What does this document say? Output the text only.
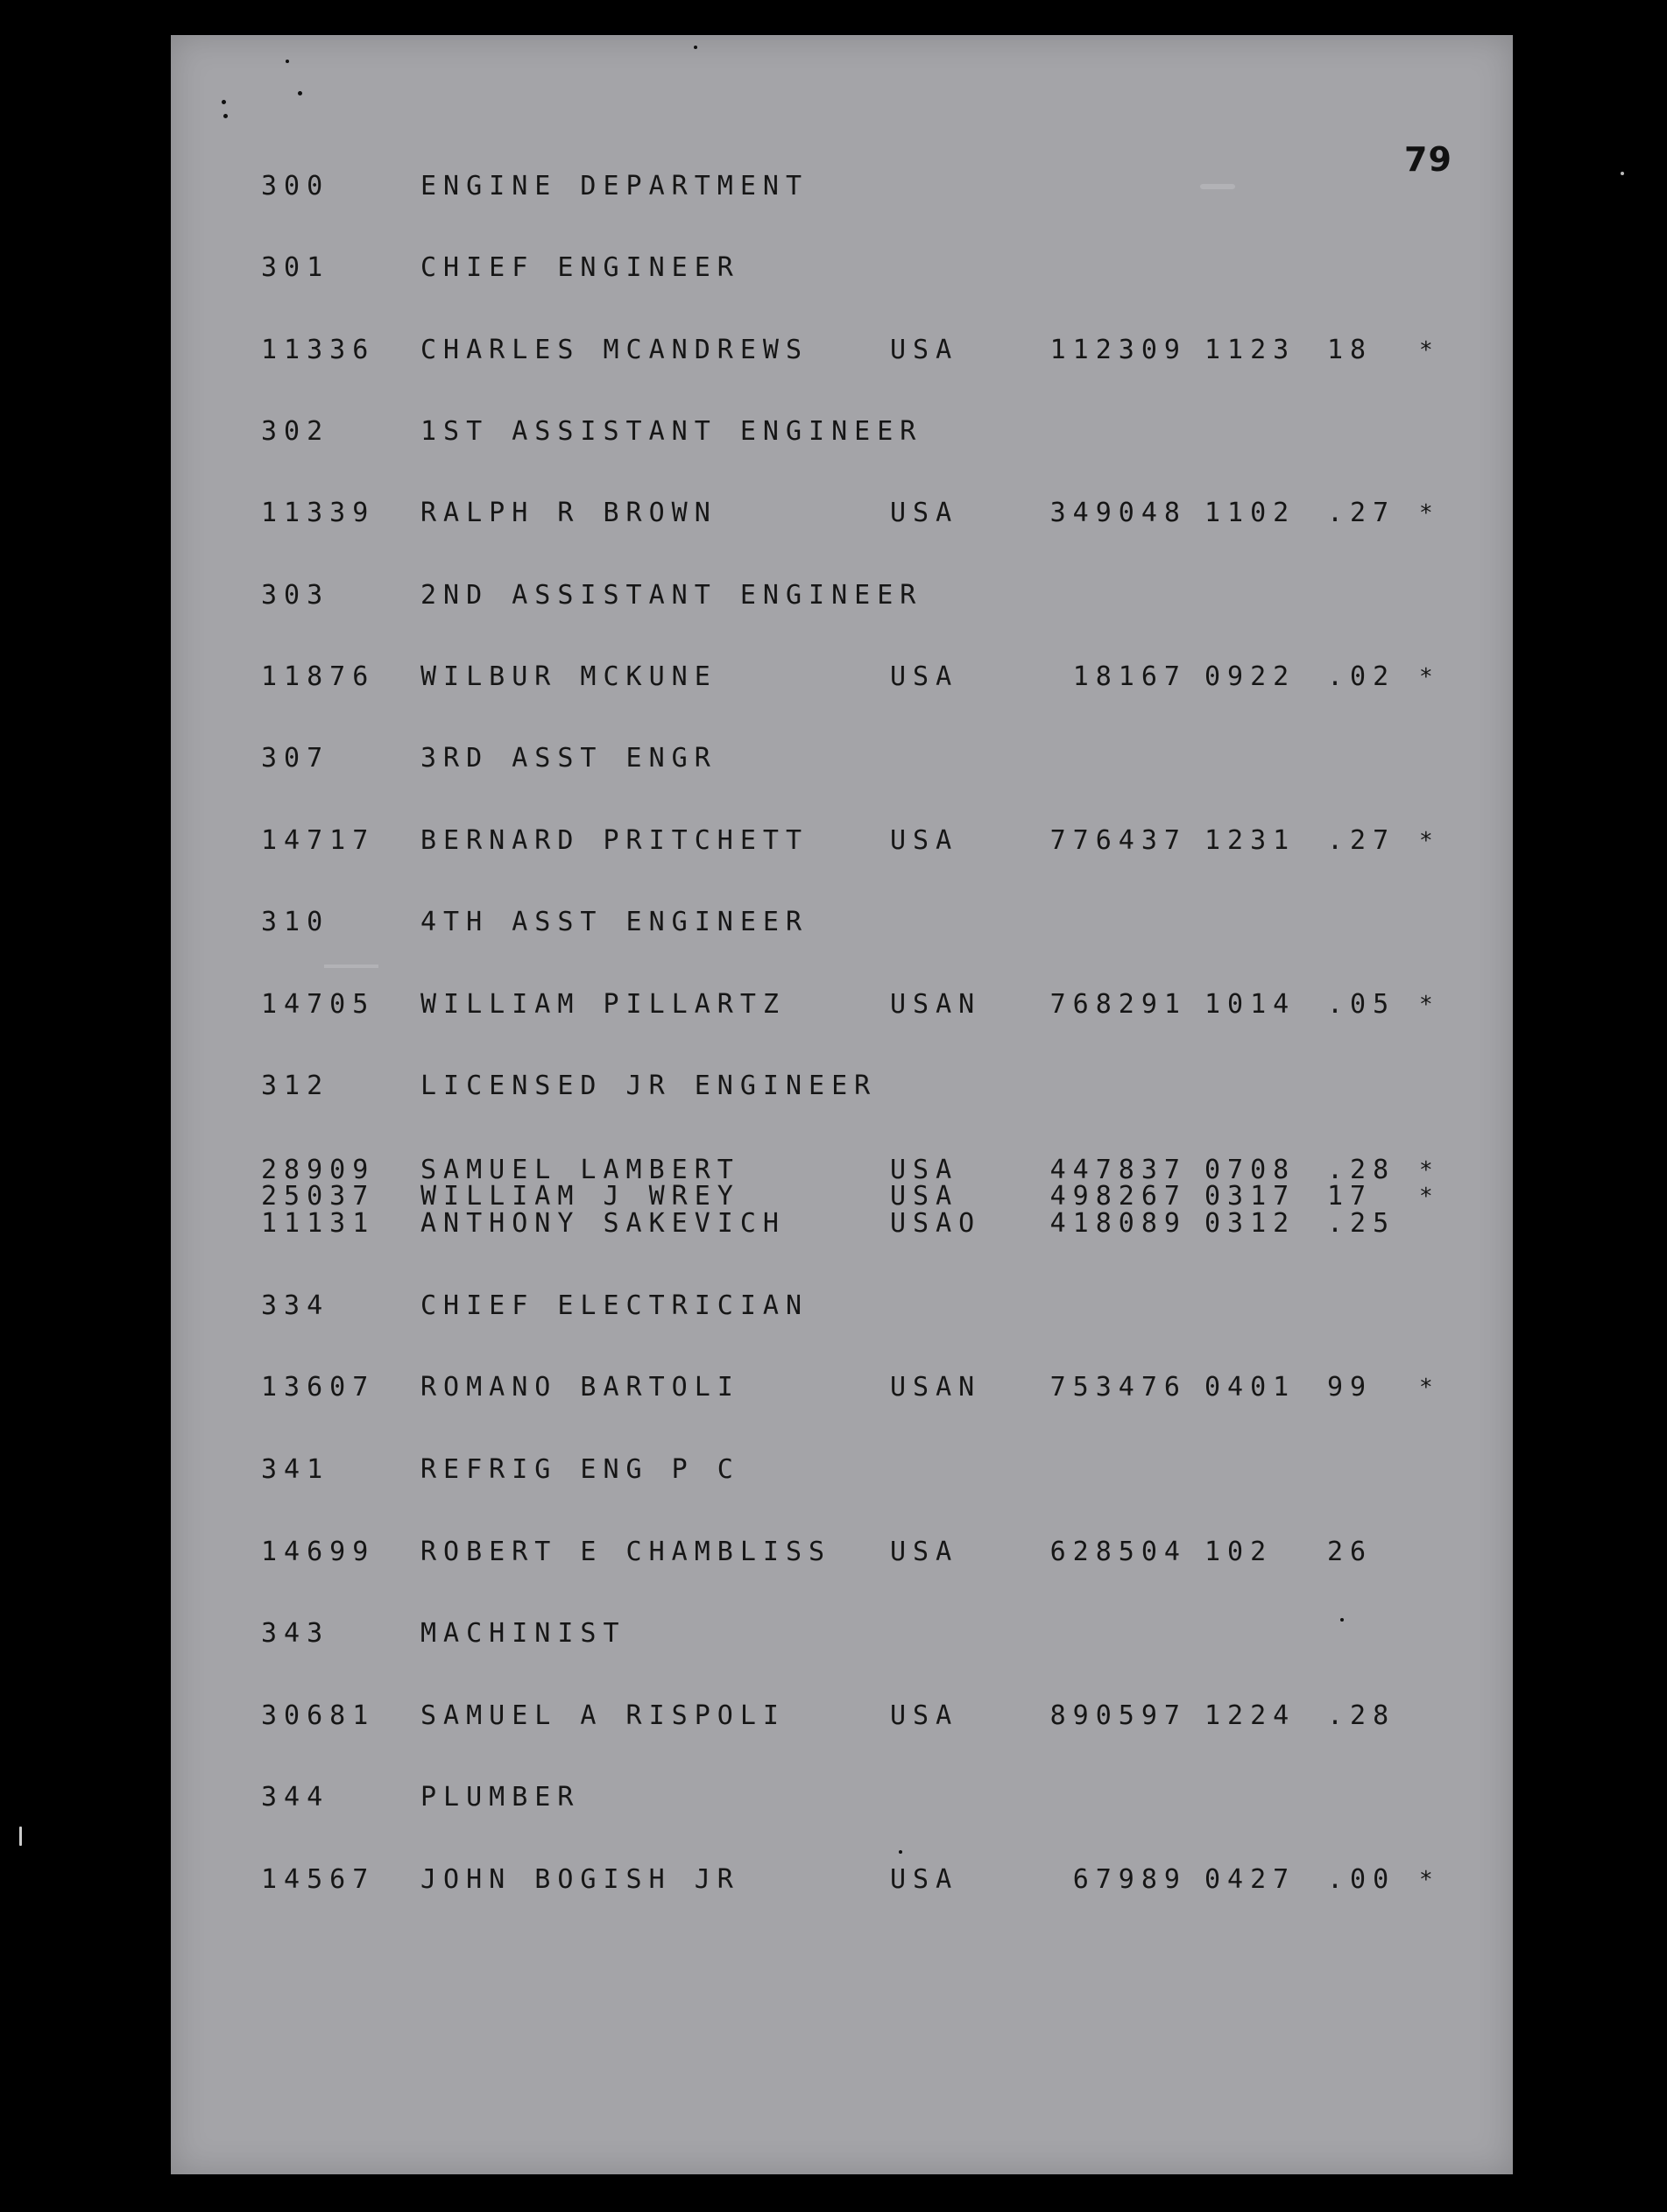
79
300	ENGINE DEPARTMENT
301	CHIEF ENGINEER
11336 CHARLES MCANDREWS	USA	112309 1123 18 *
302	1ST ASSISTANT ENGINEER
11339 RALPH R BROWN	USA	349048 1102 .27 *
303	2ND ASSISTANT ENGINEER
11876 WILBUR MCKUNE	USA	18167 0922 .02 *
307	3RD ASST ENGR
14717 BERNARD PRITCHETT	USA	776437 1231 .27 *
310	4TH ASST ENGINEER
14705 WILLIAM PILLARTZ	USAN	768291 1014 .05 *
312	LICENSED JR ENGINEER
28909 SAMUEL LAMBERT	USA	447837 0708 .28 *
25037 WILLIAM J WREY	USA	498267 0317 17 *
11131 ANTHONY SAKEVICH	USAO	418089 0312 .25
334	CHIEF ELECTRICIAN
13607 ROMANO BARTOLI	USAN	753476 0401 99 *
341	REFRIG ENG P C
14699 ROBERT E CHAMBLISS USA	628504 102 26
343	MACHINIST
30681 SAMUEL A RISPOLI	USA	890597 1224 .28
344	PLUMBER
14567 JOHN BOGISH JR	USA	67989 0427 .00 *
